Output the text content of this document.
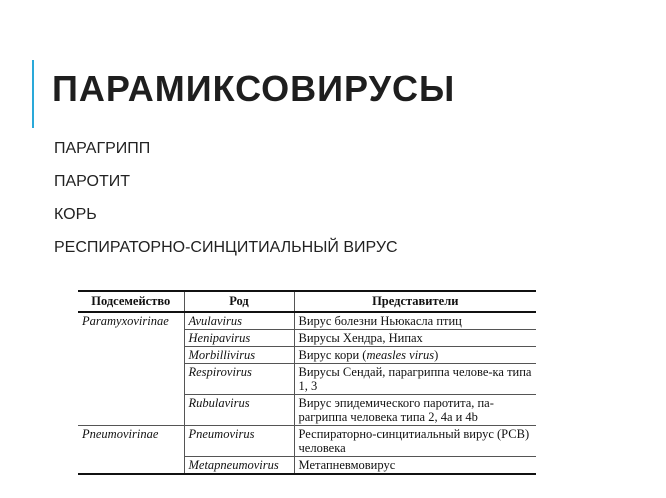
ПАРАМИКСОВИРУСЫ
ПАРАГРИПП
ПАРОТИТ
КОРЬ
РЕСПИРАТОРНО-СИНЦИТИАЛЬНЫЙ ВИРУС
Подсемейство	Род	Представители
Paramyxovirinae	Avulavirus	Вирус болезни Ньюкасла птиц
	Henipavirus	Вирусы Хендра, Нипах
	Morbillivirus	Вирус кори (measles virus)
	Respirovirus	Вирусы Сендай, парагриппа челове-ка типа 1, 3
	Rubulavirus	Вирус эпидемического паротита, па-рагриппа человека типа 2, 4а и 4b
Pneumovirinae	Pneumovirus	Респираторно-синцитиальный вирус (РСВ) человека
	Metapneumovirus	Метапневмовирус
